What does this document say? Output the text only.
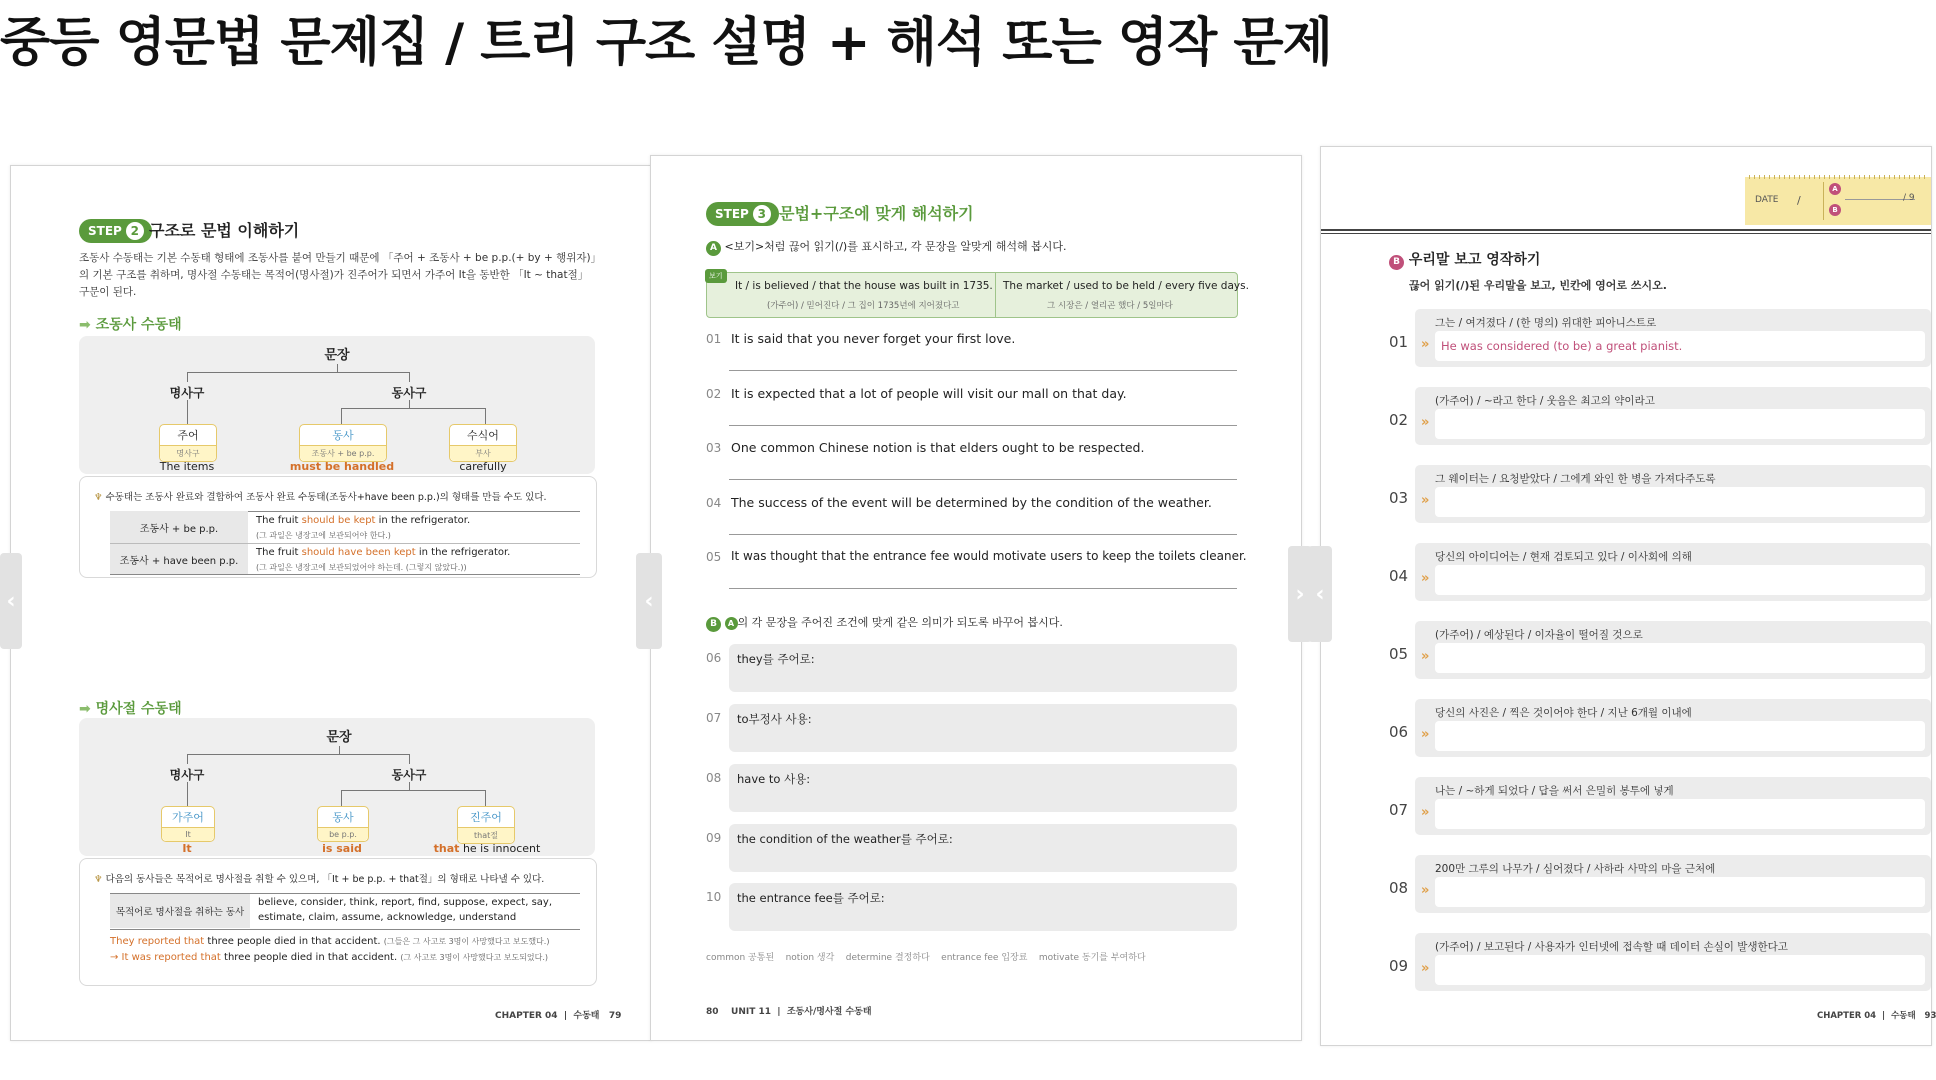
중등 영문법 문제집 / 트리 구조 설명 + 해석 또는 영작 문제
STEP 2 구조로 문법 이해하기
조동사 수동태는 기본 수동태 형태에 조동사를 붙여 만들기 때문에 「주어 + 조동사 + be p.p.(+ by + 행위자)」
의 기본 구조를 취하며, 명사절 수동태는 목적어(명사절)가 진주어가 되면서 가주어 It을 동반한 「It ~ that절」
구문이 된다.
➡ 조동사 수동태
문장
명사구	동사구
주어
명사구
동사
조동사 + be p.p.
수식어
부사
The items	must be handled	carefully
♆ 수동태는 조동사 완료와 결합하여 조동사 완료 수동태(조동사+have been p.p.)의 형태를 만들 수도 있다.
조동사 + be p.p.
The fruit should be kept in the refrigerator.
(그 과일은 냉장고에 보관되어야 한다.)
조동사 + have been p.p.
The fruit should have been kept in the refrigerator.
(그 과일은 냉장고에 보관되었어야 하는데. (그렇지 않았다.))
➡ 명사절 수동태
문장
명사구	동사구
가주어
It
동사
be p.p.
진주어
that절
It	is said	that he is innocent
♆ 다음의 동사들은 목적어로 명사절을 취할 수 있으며, 「It + be p.p. + that절」의 형태로 나타낼 수 있다.
목적어로 명사절을 취하는 동사
believe, consider, think, report, find, suppose, expect, say,
estimate, claim, assume, acknowledge, understand
They reported that three people died in that accident. (그들은 그 사고로 3명이 사망했다고 보도했다.)
→ It was reported that three people died in that accident. (그 사고로 3명이 사망했다고 보도되었다.)
CHAPTER 04  |  수동태   79
STEP 3 문법+구조에 맞게 해석하기
A <보기>처럼 끊어 읽기(/)를 표시하고, 각 문장을 알맞게 해석해 봅시다.
보기
It / is believed / that the house was built in 1735.
(가주어) / 믿어진다 / 그 집이 1735년에 지어졌다고
The market / used to be held / every five days.
그 시장은 / 열리곤 했다 / 5일마다
01 It is said that you never forget your first love.
02 It is expected that a lot of people will visit our mall on that day.
03 One common Chinese notion is that elders ought to be respected.
04 The success of the event will be determined by the condition of the weather.
05 It was thought that the entrance fee would motivate users to keep the toilets cleaner.
B A 의 각 문장을 주어진 조건에 맞게 같은 의미가 되도록 바꾸어 봅시다.
06 they를 주어로:
07 to부정사 사용:
08 have to 사용:
09 the condition of the weather를 주어로:
10 the entrance fee를 주어로:
common 공통된    notion 생각    determine 결정하다    entrance fee 입장료    motivate 동기를 부여하다
80    UNIT 11  |  조동사/명사절 수동태
DATE /
A
B
/ 9
B 우리말 보고 영작하기
끊어 읽기(/)된 우리말을 보고, 빈칸에 영어로 쓰시오.
01
그는 / 여겨졌다 / (한 명의) 위대한 피아니스트로
» He was considered (to be) a great pianist.
02
(가주어) / ~라고 한다 / 웃음은 최고의 약이라고
»
03
그 웨이터는 / 요청받았다 / 그에게 와인 한 병을 가져다주도록
»
04
당신의 아이디어는 / 현재 검토되고 있다 / 이사회에 의해
»
05
(가주어) / 예상된다 / 이자율이 떨어질 것으로
»
06
당신의 사진은 / 찍은 것이어야 한다 / 지난 6개월 이내에
»
07
나는 / ~하게 되었다 / 답을 써서 은밀히 봉투에 넣게
»
08
200만 그루의 나무가 / 심어졌다 / 사하라 사막의 마을 근처에
»
09
(가주어) / 보고된다 / 사용자가 인터넷에 접속할 때 데이터 손실이 발생한다고
»
CHAPTER 04  |  수동태   93
‹	‹	› ‹
